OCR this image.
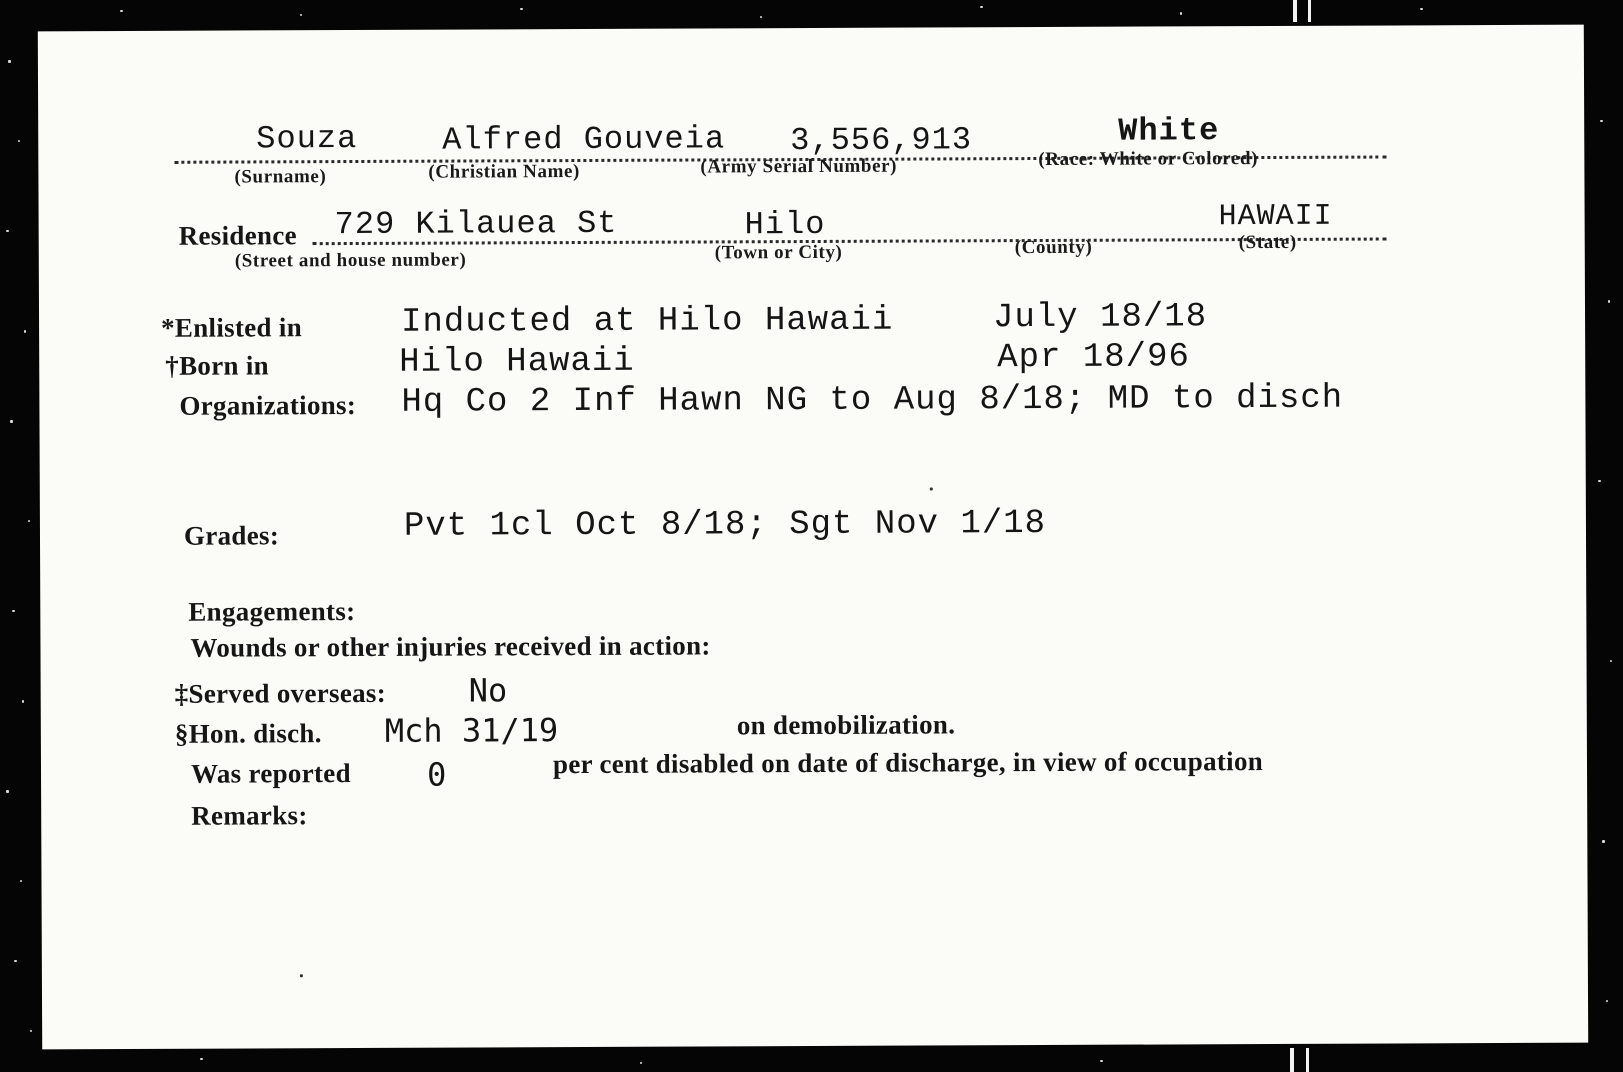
Souza	Alfred Gouveia 3,556,913	White
(Surname)	(Christian Name)	(Army Serial Number)	(Race: White or Colored)
Residence 729 Kilauea St	Hilo	HAWAII
(Street and house number)	(Town or City)	(County)	(State)
*Enlisted in	Inducted at Hilo Hawaii	July 18/18
†Born in	Hilo Hawaii	Apr 18/96
Organizations: Hq Co 2 Inf Hawn NG to Aug 8/18; MD to disch
Grades:	Pvt 1cl Oct 8/18; Sgt Nov 1/18
Engagements:
Wounds or other injuries received in action:
‡Served overseas:	No
§Hon. disch. Mch 31/19	on demobilization.
Was reported 0	per cent disabled on date of discharge, in view of occupation
Remarks:
